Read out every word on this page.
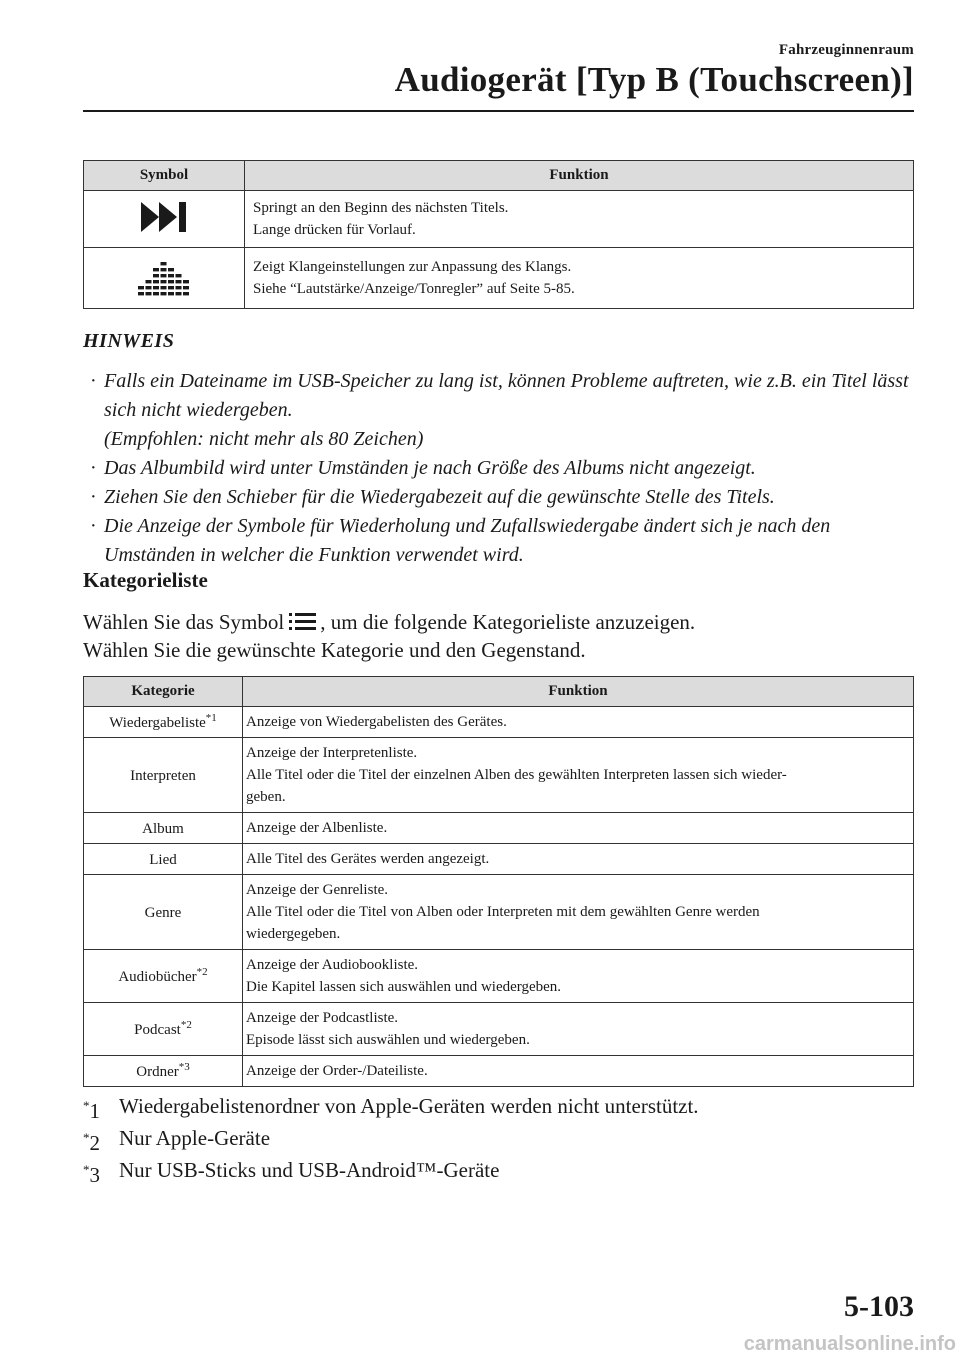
Fahrzeuginnenraum
Audiogerät [Typ B (Touchscreen)]
Symbol	Funktion

Springt an den Beginn des nächsten Titels.
Lange drücken für Vorlauf.

Zeigt Klangeinstellungen zur Anpassung des Klangs.
Siehe “Lautstärke/Anzeige/Tonregler” auf Seite 5-85.
HINWEIS
· Falls ein Dateiname im USB-Speicher zu lang ist, können Probleme auftreten, wie z.B. ein Titel lässt sich nicht wiedergeben.
(Empfohlen: nicht mehr als 80 Zeichen)
· Das Albumbild wird unter Umständen je nach Größe des Albums nicht angezeigt.
· Ziehen Sie den Schieber für die Wiedergabezeit auf die gewünschte Stelle des Titels.
· Die Anzeige der Symbole für Wiederholung und Zufallswiedergabe ändert sich je nach den Umständen in welcher die Funktion verwendet wird.
Kategorieliste
Wählen Sie das Symbol , um die folgende Kategorieliste anzuzeigen.
Wählen Sie die gewünschte Kategorie und den Gegenstand.
Kategorie	Funktion
Wiedergabeliste$^{*1}$	Anzeige von Wiedergabelisten des Gerätes.

Interpreten	Anzeige der Interpretenliste.
Alle Titel oder die Titel der einzelnen Alben des gewählten Interpreten lassen sich wieder-
geben.

Album	Anzeige der Albenliste.

Lied	Alle Titel des Gerätes werden angezeigt.

Genre	Anzeige der Genreliste.
Alle Titel oder die Titel von Alben oder Interpreten mit dem gewählten Genre werden
wiedergegeben.

Audiobücher$^{*2}$	Anzeige der Audiobookliste.
Die Kapitel lassen sich auswählen und wiedergeben.

Podcast$^{*2}$	Anzeige der Podcastliste.
Episode lässt sich auswählen und wiedergeben.

Ordner$^{*3}$	Anzeige der Order-/Dateiliste.
*1 Wiedergabelistenordner von Apple-Geräten werden nicht unterstützt.
*2 Nur Apple-Geräte
*3 Nur USB-Sticks und USB-Android™-Geräte
5-103
carmanualsonline.info
